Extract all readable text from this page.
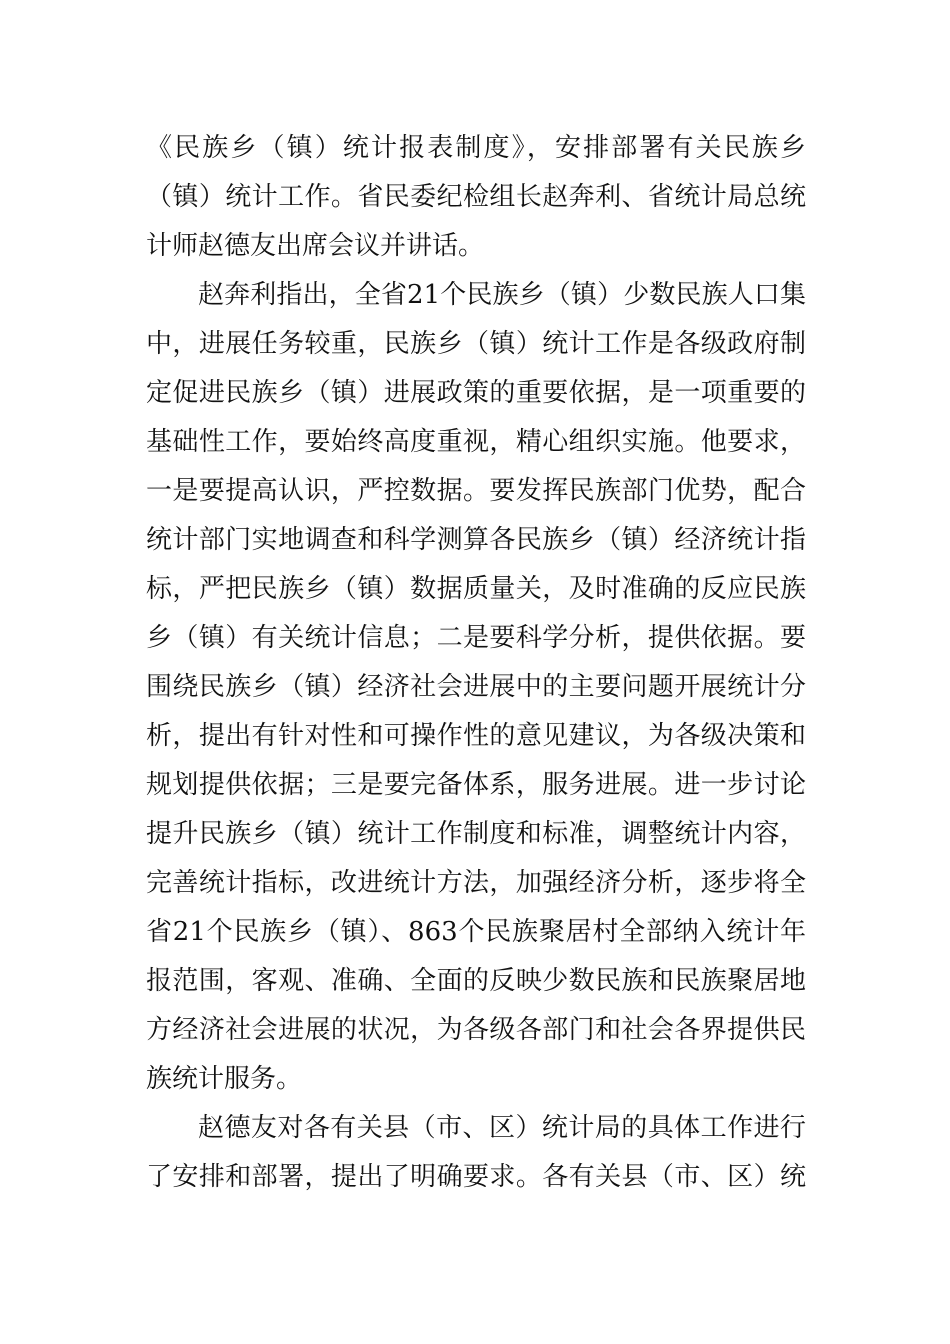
《民族乡（镇）统计报表制度》，安排部署有关民族乡
（镇）统计工作。省民委纪检组长赵奔利、省统计局总统
计师赵德友出席会议并讲话。
赵奔利指出，全省21个民族乡（镇）少数民族人口集
中，进展任务较重，民族乡（镇）统计工作是各级政府制
定促进民族乡（镇）进展政策的重要依据，是一项重要的
基础性工作，要始终高度重视，精心组织实施。他要求，
一是要提高认识，严控数据。要发挥民族部门优势，配合
统计部门实地调查和科学测算各民族乡（镇）经济统计指
标，严把民族乡（镇）数据质量关，及时准确的反应民族
乡（镇）有关统计信息；二是要科学分析，提供依据。要
围绕民族乡（镇）经济社会进展中的主要问题开展统计分
析，提出有针对性和可操作性的意见建议，为各级决策和
规划提供依据；三是要完备体系，服务进展。进一步讨论
提升民族乡（镇）统计工作制度和标准，调整统计内容，
完善统计指标，改进统计方法，加强经济分析，逐步将全
省21个民族乡（镇）、863个民族聚居村全部纳入统计年
报范围，客观、准确、全面的反映少数民族和民族聚居地
方经济社会进展的状况，为各级各部门和社会各界提供民
族统计服务。
赵德友对各有关县（市、区）统计局的具体工作进行
了安排和部署，提出了明确要求。各有关县（市、区）统
